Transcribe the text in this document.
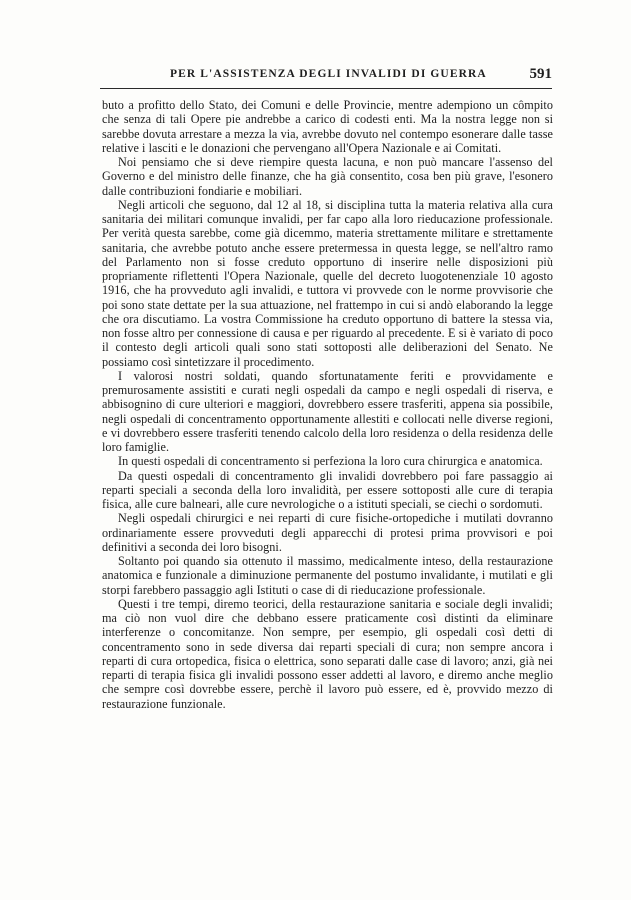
PER L'ASSISTENZA DEGLI INVALIDI DI GUERRA	591

buto a profitto dello Stato, dei Comuni e delle Provincie, mentre adempiono un cômpito che senza di tali Opere pie andrebbe a carico di codesti enti. Ma la nostra legge non si sarebbe dovuta arrestare a mezza la via, avrebbe dovuto nel contempo esonerare dalle tasse relative i lasciti e le donazioni che pervengano all'Opera Nazionale e ai Comitati.

Noi pensiamo che si deve riempire questa lacuna, e non può mancare l'assenso del Governo e del ministro delle finanze, che ha già consentito, cosa ben più grave, l'esonero dalle contribuzioni fondiarie e mobiliari.

Negli articoli che seguono, dal 12 al 18, si disciplina tutta la materia relativa alla cura sanitaria dei militari comunque invalidi, per far capo alla loro rieducazione professionale. Per verità questa sarebbe, come già dicemmo, materia strettamente militare e strettamente sanitaria, che avrebbe potuto anche essere pretermessa in questa legge, se nell'altro ramo del Parlamento non si fosse creduto opportuno di inserire nelle disposizioni più propriamente riflettenti l'Opera Nazionale, quelle del decreto luogotenenziale 10 agosto 1916, che ha provveduto agli invalidi, e tuttora vi provvede con le norme provvisorie che poi sono state dettate per la sua attuazione, nel frattempo in cui si andò elaborando la legge che ora discutiamo. La vostra Commissione ha creduto opportuno di battere la stessa via, non fosse altro per connessione di causa e per riguardo al precedente. E si è variato di poco il contesto degli articoli quali sono stati sottoposti alle deliberazioni del Senato. Ne possiamo così sintetizzare il procedimento.

I valorosi nostri soldati, quando sfortunatamente feriti e provvidamente e premurosamente assistiti e curati negli ospedali da campo e negli ospedali di riserva, e abbisognino di cure ulteriori e maggiori, dovrebbero essere trasferiti, appena sia possibile, negli ospedali di concentramento opportunamente allestiti e collocati nelle diverse regioni, e vi dovrebbero essere trasferiti tenendo calcolo della loro residenza o della residenza delle loro famiglie.

In questi ospedali di concentramento si perfeziona la loro cura chirurgica e anatomica.

Da questi ospedali di concentramento gli invalidi dovrebbero poi fare passaggio ai reparti speciali a seconda della loro invalidità, per essere sottoposti alle cure di terapia fisica, alle cure balneari, alle cure nevrologiche o a istituti speciali, se ciechi o sordomuti.

Negli ospedali chirurgici e nei reparti di cure fisiche-ortopediche i mutilati dovranno ordinariamente essere provveduti degli apparecchi di protesi prima provvisori e poi definitivi a seconda dei loro bisogni.

Soltanto poi quando sia ottenuto il massimo, medicalmente inteso, della restaurazione anatomica e funzionale a diminuzione permanente del postumo invalidante, i mutilati e gli storpi farebbero passaggio agli Istituti o case di di rieducazione professionale.

Questi i tre tempi, diremo teorici, della restaurazione sanitaria e sociale degli invalidi; ma ciò non vuol dire che debbano essere praticamente così distinti da eliminare interferenze o concomitanze. Non sempre, per esempio, gli ospedali così detti di concentramento sono in sede diversa dai reparti speciali di cura; non sempre ancora i reparti di cura ortopedica, fisica o elettrica, sono separati dalle case di lavoro; anzi, già nei reparti di terapia fisica gli invalidi possono esser addetti al lavoro, e diremo anche meglio che sempre così dovrebbe essere, perchè il lavoro può essere, ed è, provvido mezzo di restaurazione funzionale.
